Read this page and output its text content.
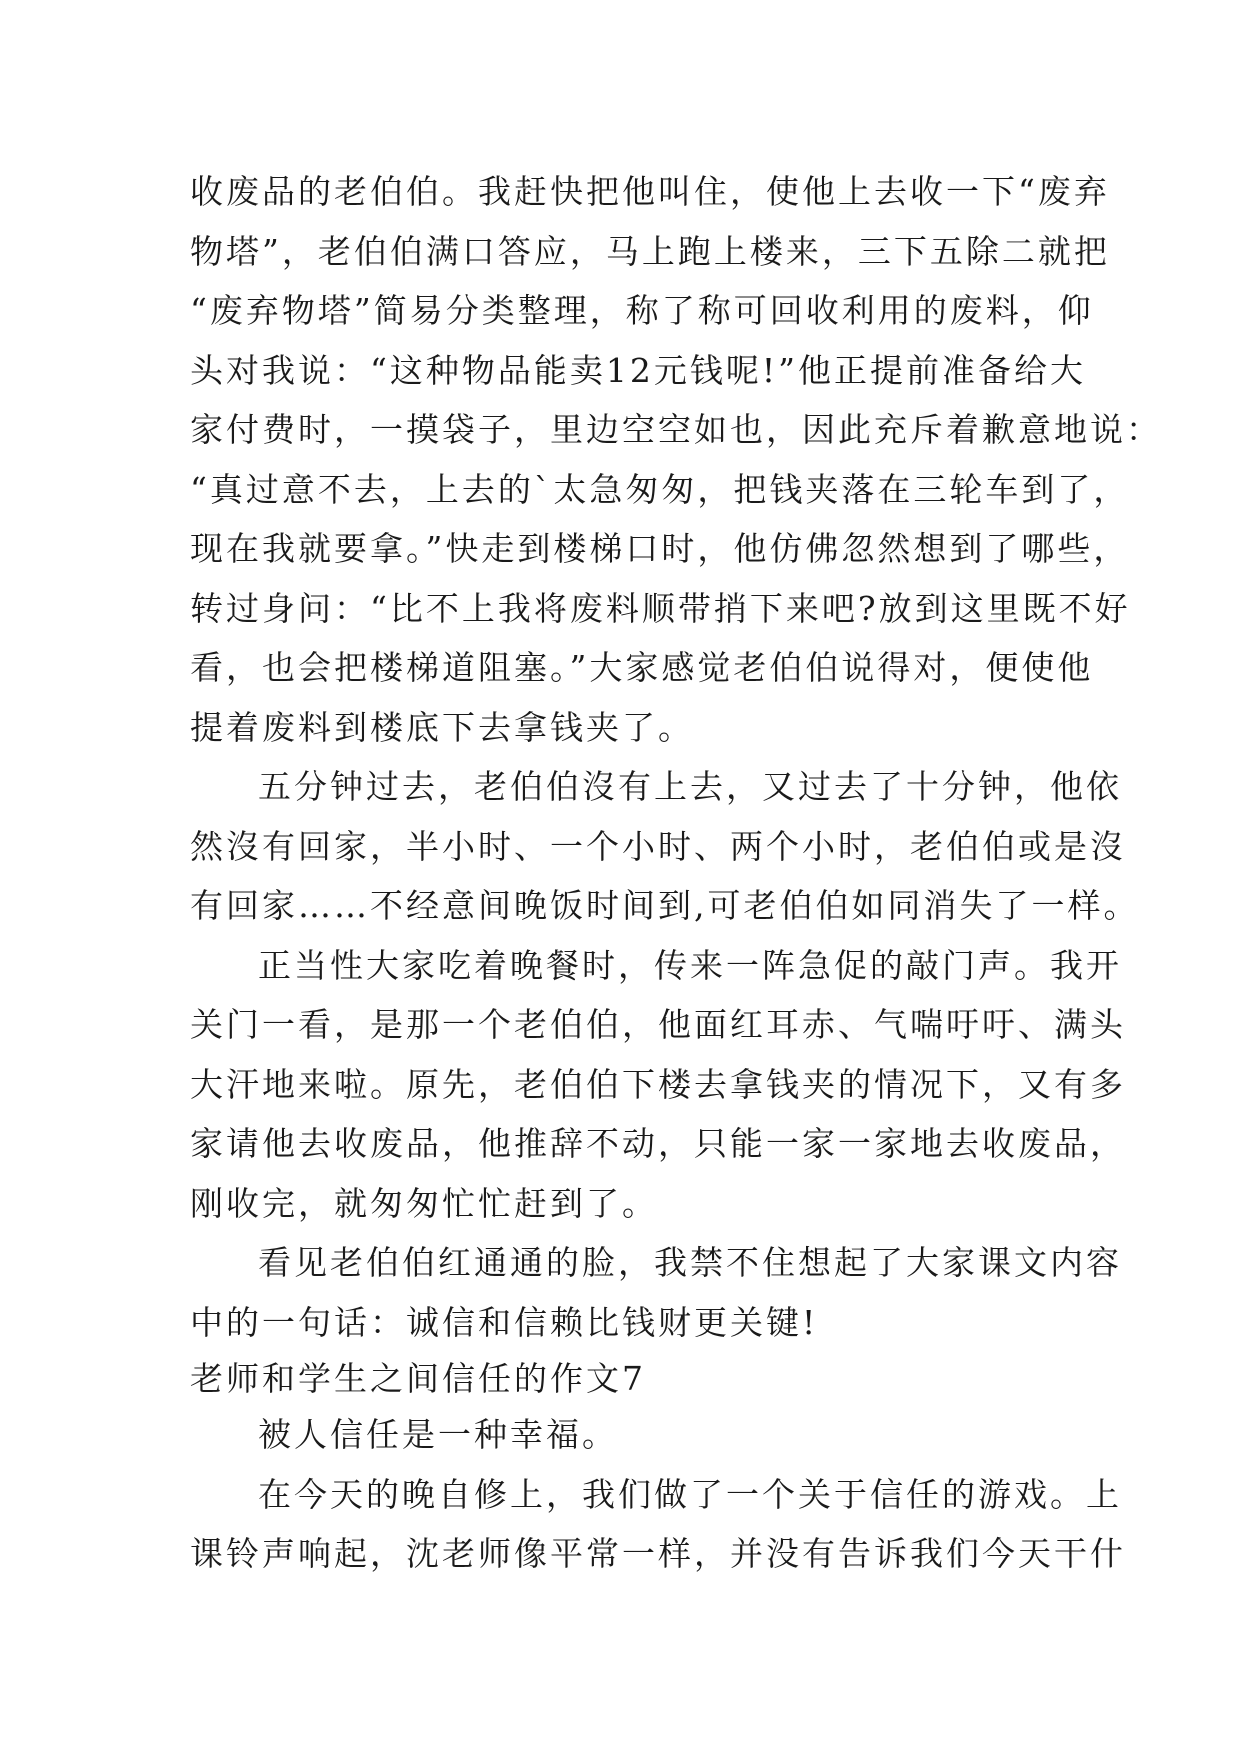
收废品的老伯伯。我赶快把他叫住，使他上去收一下“废弃
物塔”，老伯伯满口答应，马上跑上楼来，三下五除二就把
“废弃物塔”简易分类整理，称了称可回收利用的废料，仰
头对我说：“这种物品能卖12元钱呢!”他正提前准备给大
家付费时，一摸袋子，里边空空如也，因此充斥着歉意地说：
“真过意不去，上去的`太急匆匆，把钱夹落在三轮车到了，
现在我就要拿。”快走到楼梯口时，他仿佛忽然想到了哪些，
转过身问：“比不上我将废料顺带捎下来吧?放到这里既不好
看，也会把楼梯道阻塞。”大家感觉老伯伯说得对，便使他
提着废料到楼底下去拿钱夹了。
五分钟过去，老伯伯沒有上去，又过去了十分钟，他依
然沒有回家，半小时、一个小时、两个小时，老伯伯或是沒
有回家……不经意间晚饭时间到,可老伯伯如同消失了一样。
正当性大家吃着晚餐时，传来一阵急促的敲门声。我开
关门一看，是那一个老伯伯，他面红耳赤、气喘吁吁、满头
大汗地来啦。原先，老伯伯下楼去拿钱夹的情况下，又有多
家请他去收废品，他推辞不动，只能一家一家地去收废品，
刚收完，就匆匆忙忙赶到了。
看见老伯伯红通通的脸，我禁不住想起了大家课文内容
中的一句话：诚信和信赖比钱财更关键!
老师和学生之间信任的作文7
被人信任是一种幸福。
在今天的晚自修上，我们做了一个关于信任的游戏。上
课铃声响起，沈老师像平常一样，并没有告诉我们今天干什
